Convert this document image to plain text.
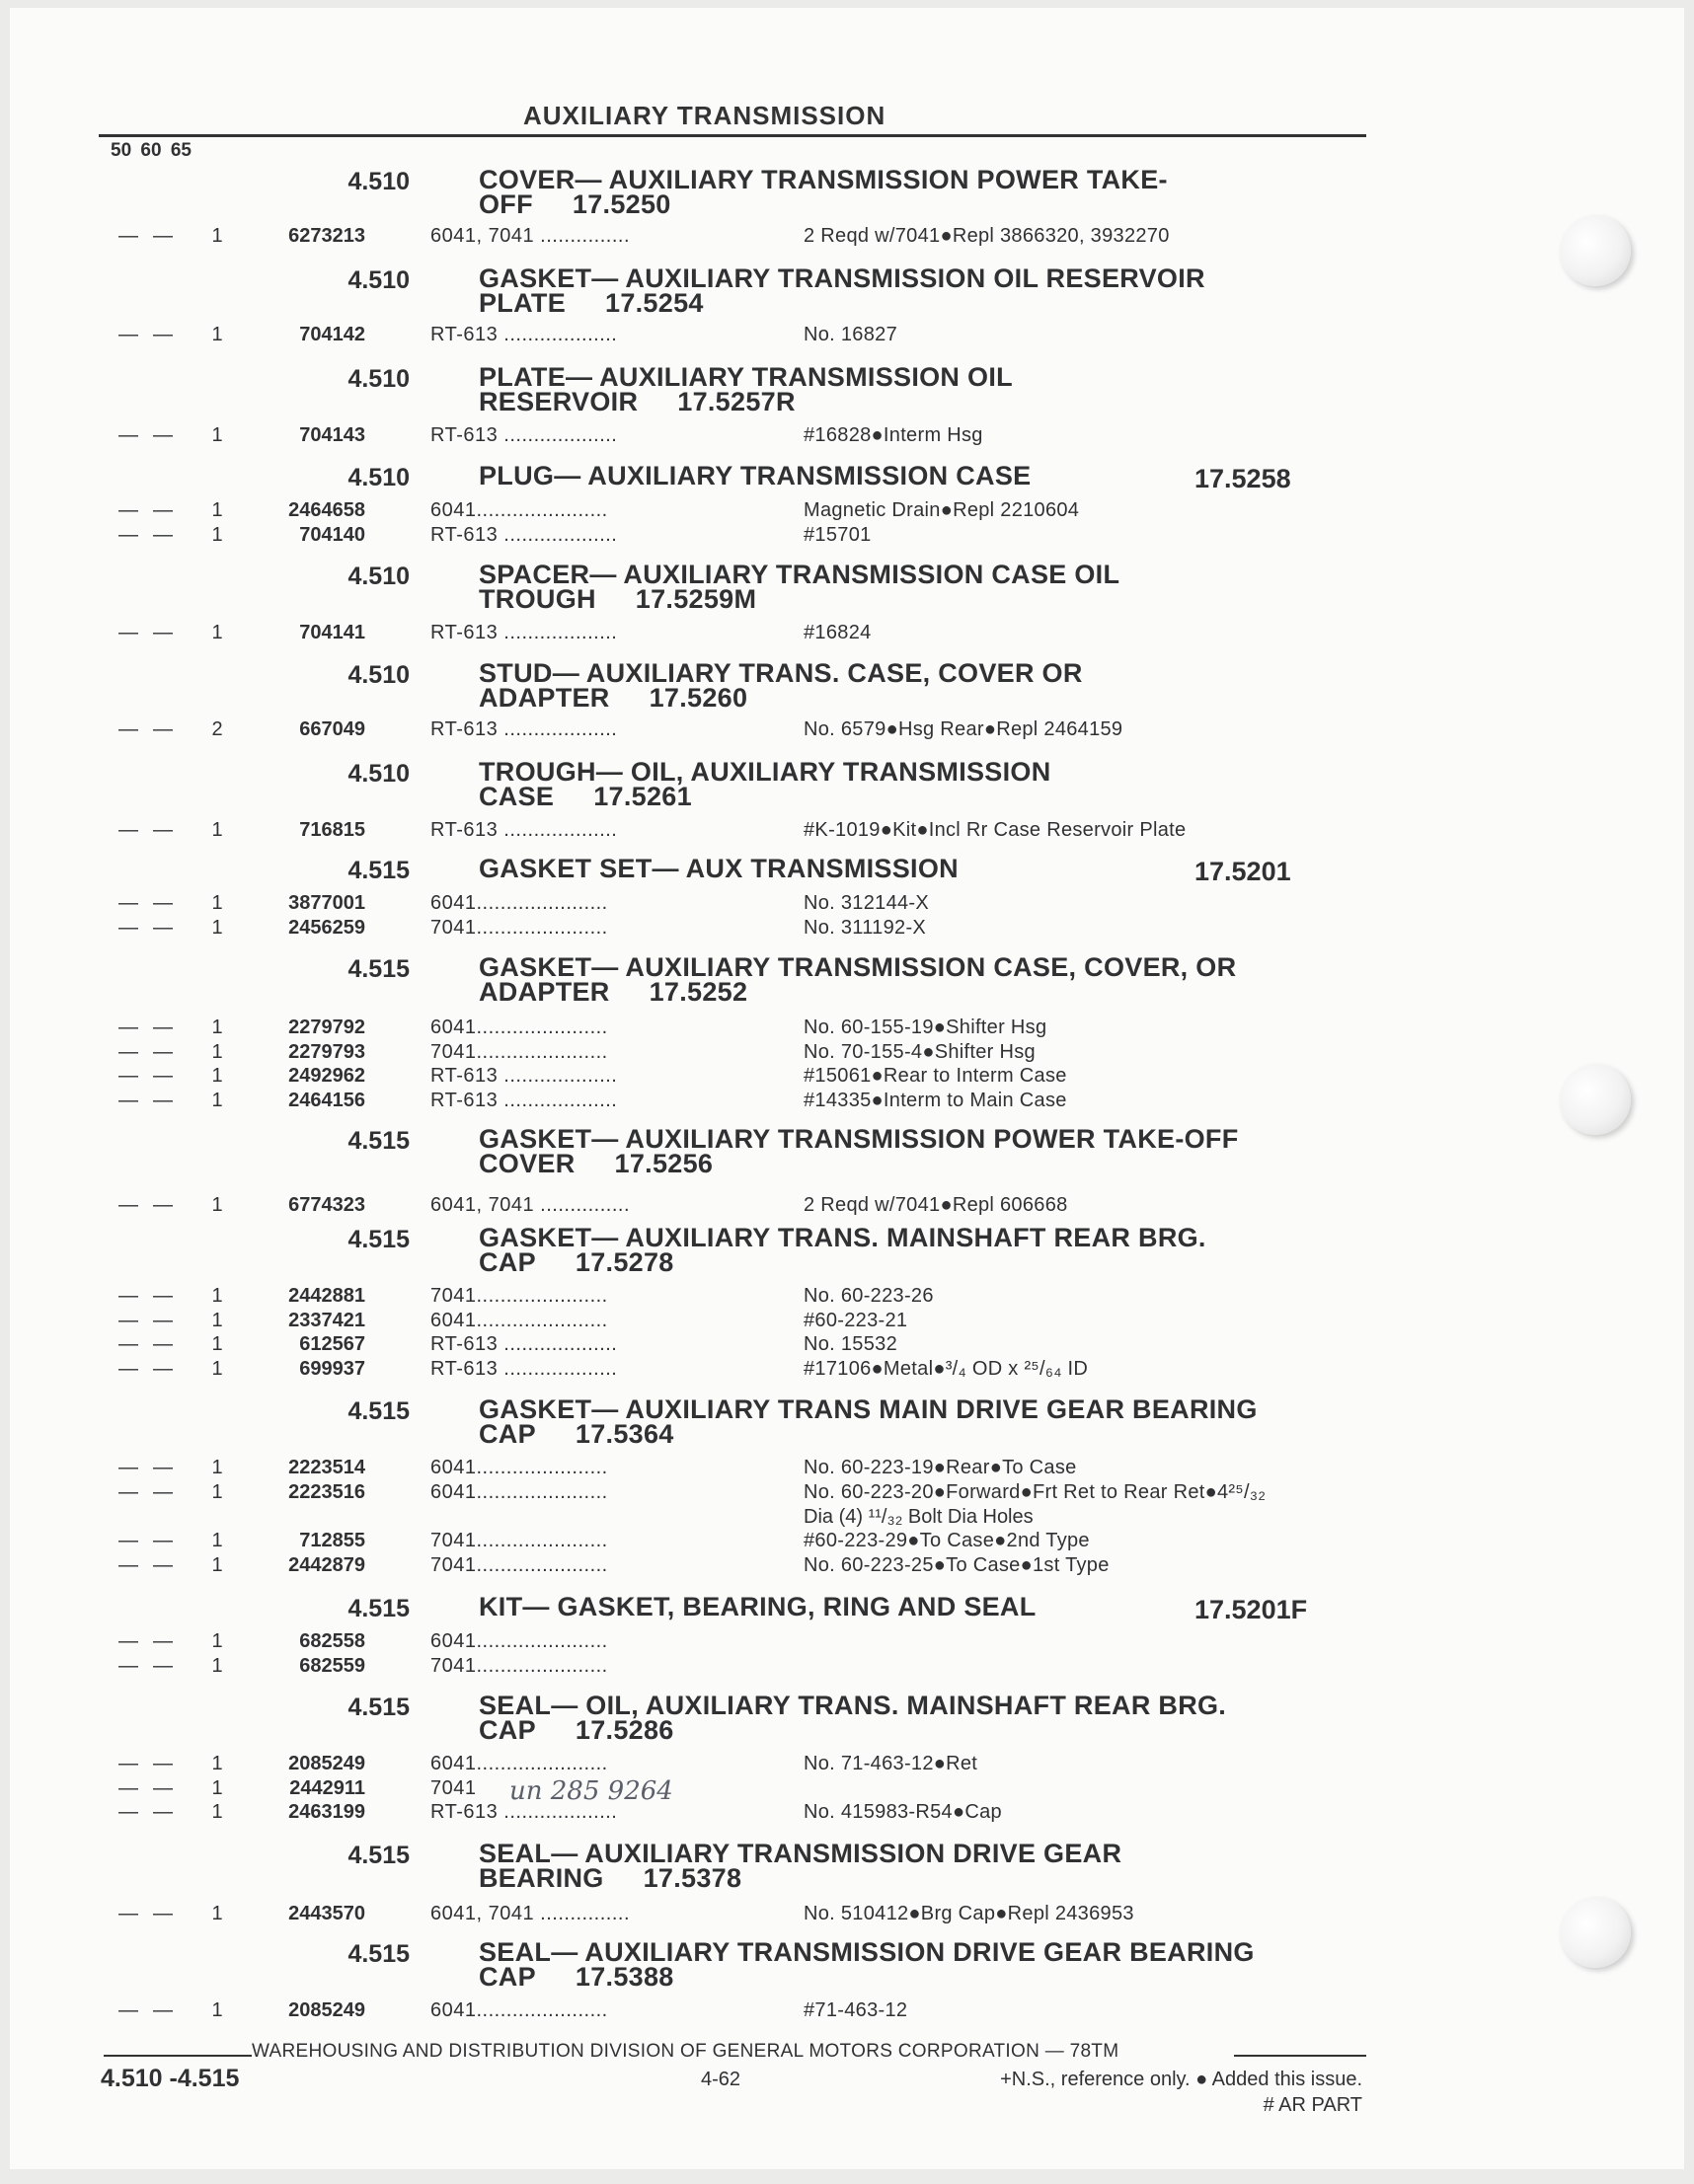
AUXILIARY TRANSMISSION
50 60 65
4.510	COVER— AUXILIARY TRANSMISSION POWER TAKE-
OFF 17.5250
— — 1	6273213	6041, 7041 ...............	2 Reqd w/7041●Repl 3866320, 3932270
4.510	GASKET— AUXILIARY TRANSMISSION OIL RESERVOIR
PLATE 17.5254
— — 1	704142	RT-613 ...................	No. 16827
4.510	PLATE— AUXILIARY TRANSMISSION OIL
RESERVOIR 17.5257R
— — 1	704143	RT-613 ...................	#16828●Interm Hsg
4.510	17.5258
PLUG— AUXILIARY TRANSMISSION CASE
— — 1	2464658	6041......................	Magnetic Drain●Repl 2210604
— — 1	704140	RT-613 ...................	#15701
4.510	SPACER— AUXILIARY TRANSMISSION CASE OIL
TROUGH 17.5259M
— — 1	704141	RT-613 ...................	#16824
4.510	STUD— AUXILIARY TRANS. CASE, COVER OR
ADAPTER 17.5260
— — 2	667049	RT-613 ...................	No. 6579●Hsg Rear●Repl 2464159
4.510	TROUGH— OIL, AUXILIARY TRANSMISSION
CASE 17.5261
— — 1	716815	RT-613 ...................	#K-1019●Kit●Incl Rr Case Reservoir Plate
4.515	17.5201
GASKET SET— AUX TRANSMISSION
— — 1	3877001	6041......................	No. 312144-X
— — 1	2456259	7041......................	No. 311192-X
4.515	GASKET— AUXILIARY TRANSMISSION CASE, COVER, OR
ADAPTER 17.5252
— — 1	2279792	6041......................	No. 60-155-19●Shifter Hsg
— — 1	2279793	7041......................	No. 70-155-4●Shifter Hsg
— — 1	2492962	RT-613 ...................	#15061●Rear to Interm Case
— — 1	2464156	RT-613 ...................	#14335●Interm to Main Case
4.515	GASKET— AUXILIARY TRANSMISSION POWER TAKE-OFF
COVER 17.5256
— — 1	6774323	6041, 7041 ...............	2 Reqd w/7041●Repl 606668
4.515	GASKET— AUXILIARY TRANS. MAINSHAFT REAR BRG.
CAP 17.5278
— — 1	2442881	7041......................	No. 60-223-26
— — 1	2337421	6041......................	#60-223-21
— — 1	612567	RT-613 ...................	No. 15532
— — 1	699937	RT-613 ...................	#17106●Metal●³/₄ OD x ²⁵/₆₄ ID
4.515	GASKET— AUXILIARY TRANS MAIN DRIVE GEAR BEARING
CAP 17.5364
— — 1	2223514	6041......................	No. 60-223-19●Rear●To Case
— — 1	2223516	6041......................	No. 60-223-20●Forward●Frt Ret to Rear Ret●4²⁵/₃₂
Dia (4) ¹¹/₃₂ Bolt Dia Holes
— — 1	712855	7041......................	#60-223-29●To Case●2nd Type
— — 1	2442879	7041......................	No. 60-223-25●To Case●1st Type
4.515	17.5201F
KIT— GASKET, BEARING, RING AND SEAL
— — 1	682558	6041......................
— — 1	682559	7041......................
4.515	SEAL— OIL, AUXILIARY TRANS. MAINSHAFT REAR BRG.
CAP 17.5286
— — 1	2085249	6041......................	No. 71-463-12●Ret
— — 1	2442911	7041
— — 1	2463199	RT-613 ...................	No. 415983-R54●Cap
4.515	SEAL— AUXILIARY TRANSMISSION DRIVE GEAR
BEARING 17.5378
— — 1	2443570	6041, 7041 ...............	No. 510412●Brg Cap●Repl 2436953
4.515	SEAL— AUXILIARY TRANSMISSION DRIVE GEAR BEARING
CAP 17.5388
— — 1	2085249	6041......................	#71-463-12
un 285 9264
WAREHOUSING AND DISTRIBUTION DIVISION OF GENERAL MOTORS CORPORATION — 78TM
4.510 -4.515	4-62	+N.S., reference only. ● Added this issue.
# AR PART
